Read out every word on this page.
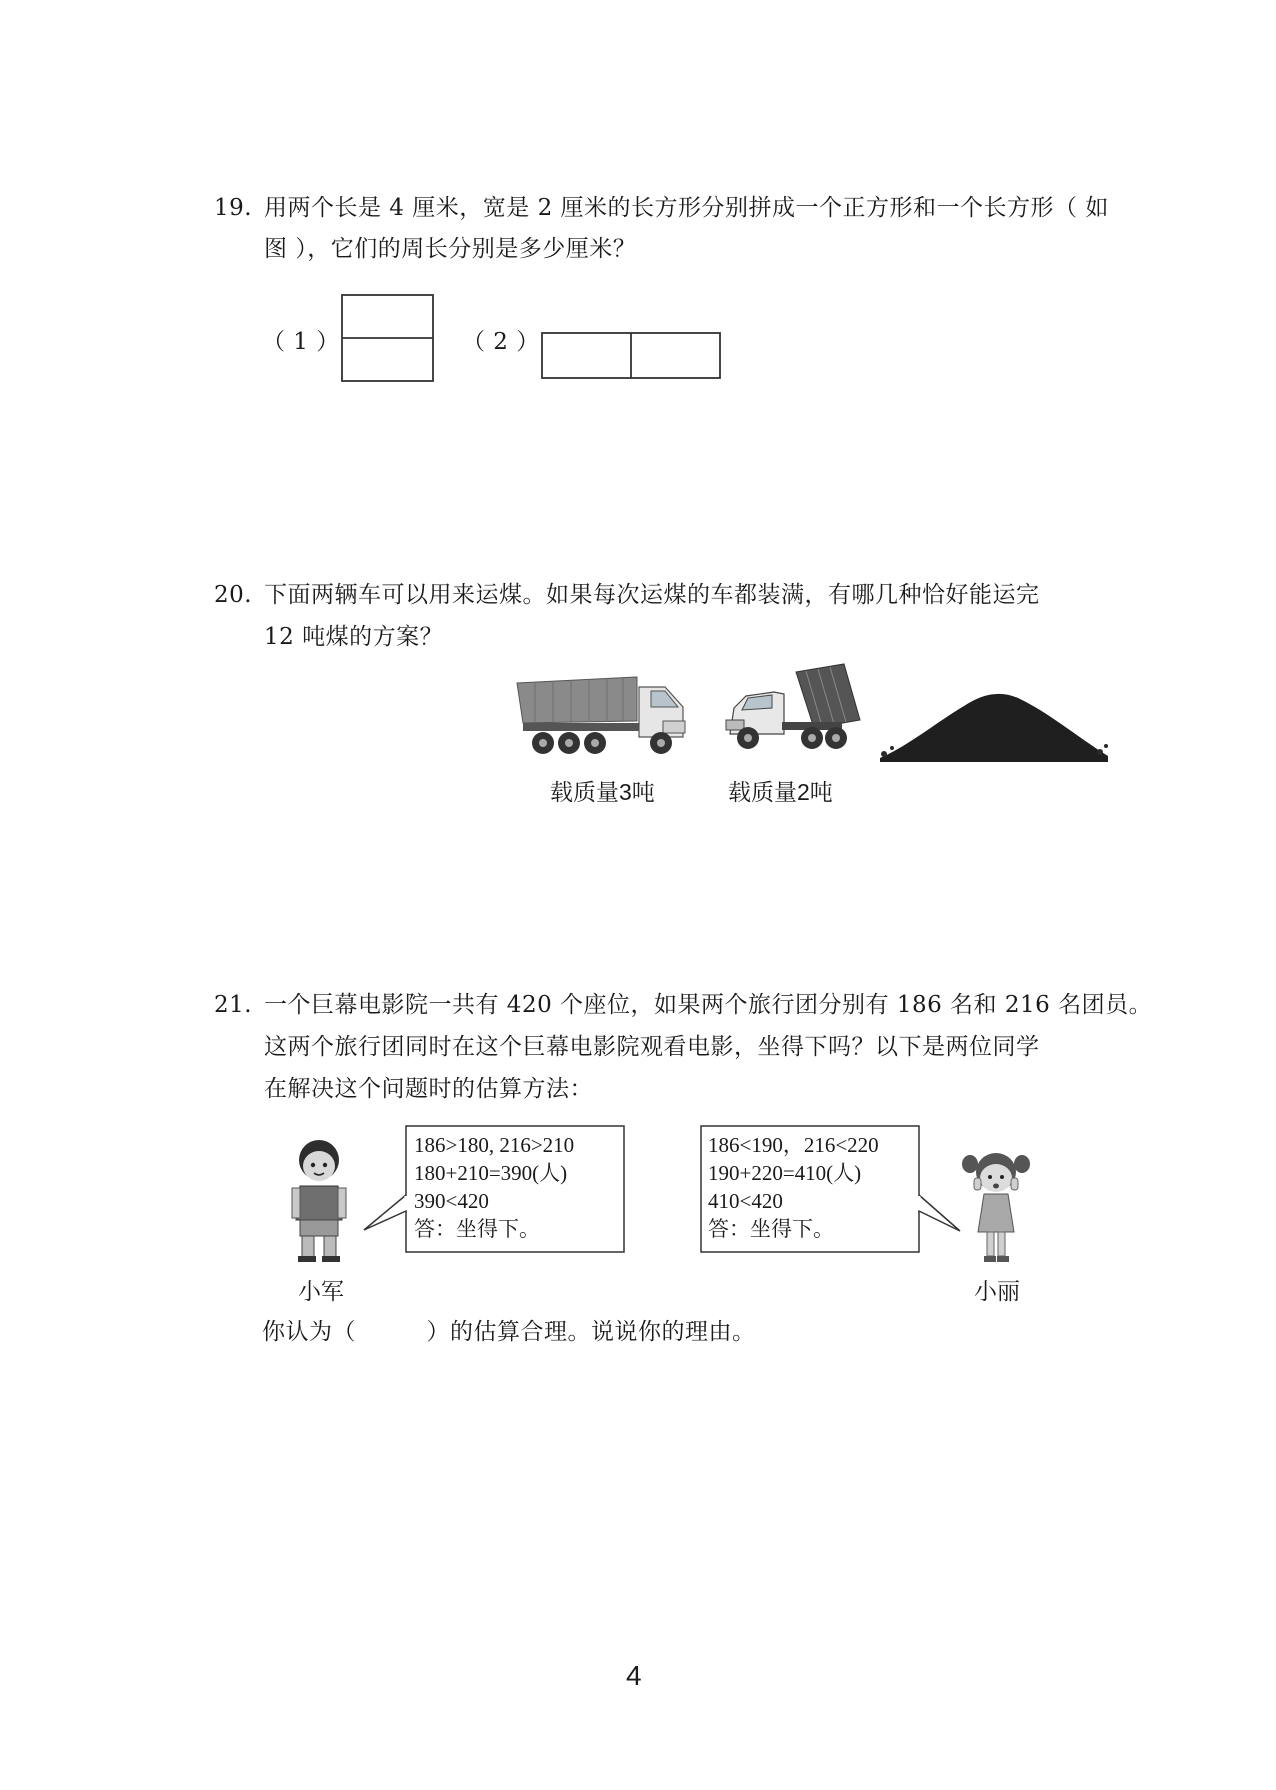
19. 用两个长是 4 厘米，宽是 2 厘米的长方形分别拼成一个正方形和一个长方形（ 如
图 ），它们的周长分别是多少厘米？
（ 1 ）	（ 2 ）
20. 下面两辆车可以用来运煤。如果每次运煤的车都装满，有哪几种恰好能运完
12 吨煤的方案？
载质量3吨	载质量2吨
21. 一个巨幕电影院一共有 420 个座位，如果两个旅行团分别有 186 名和 216 名团员。
这两个旅行团同时在这个巨幕电影院观看电影，坐得下吗？以下是两位同学
在解决这个问题时的估算方法：
小军
186>180, 216>210
180+210=390(人)
390<420
答：坐得下。
186<190，216<220
190+220=410(人)
410<420
答：坐得下。
小丽
你认为（　　　）的估算合理。说说你的理由。
4
